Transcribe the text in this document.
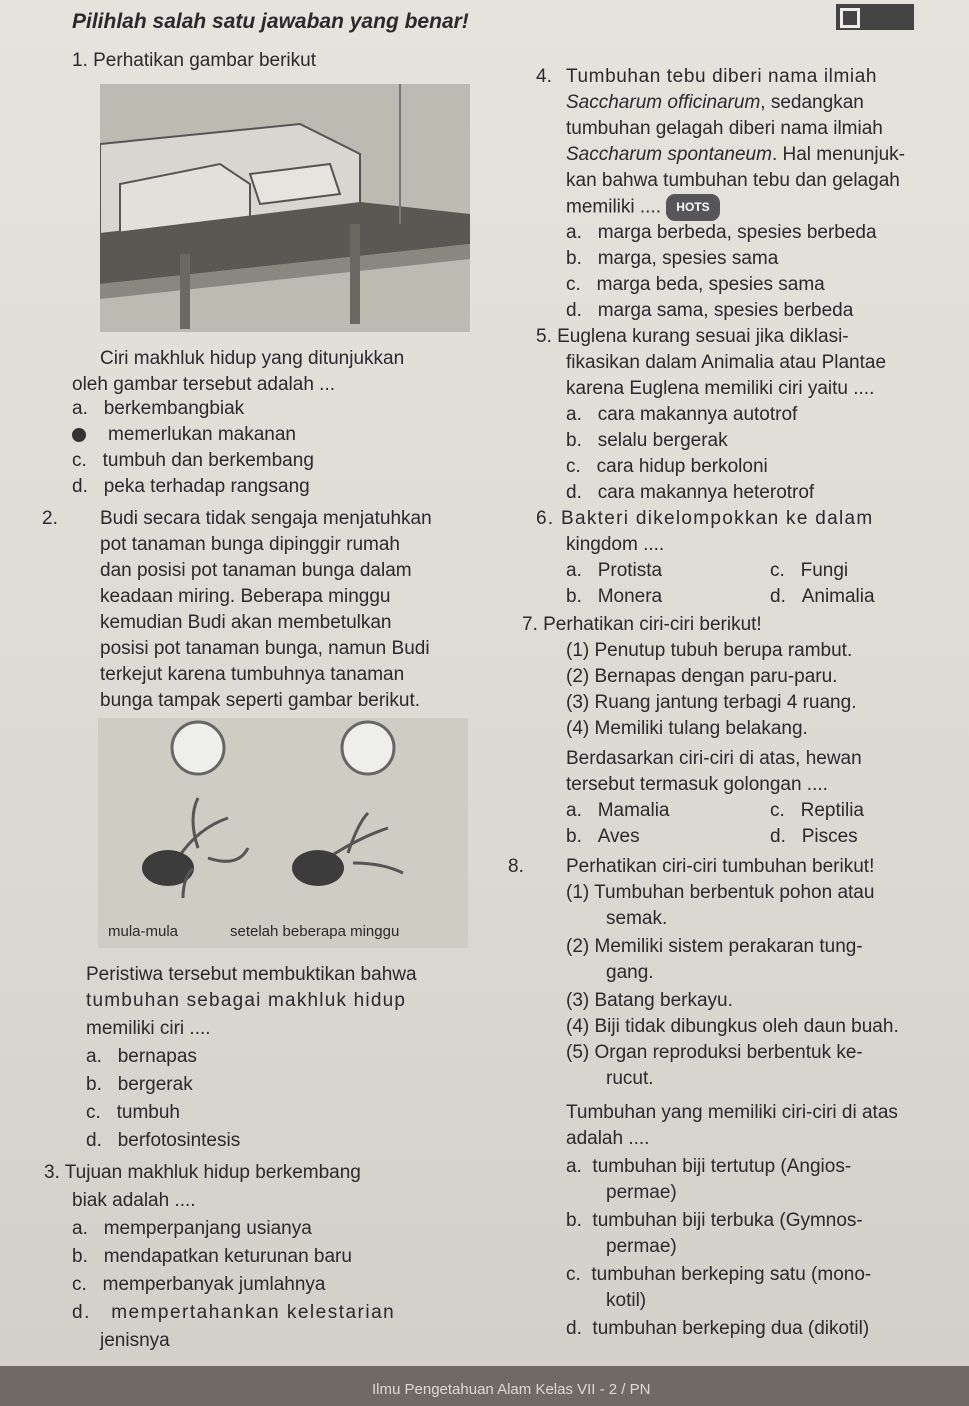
Pilihlah salah satu jawaban yang benar!
1. Perhatikan gambar berikut
Ciri makhluk hidup yang ditunjukkan
oleh gambar tersebut adalah ...
a. berkembangbiak
memerlukan makanan
c. tumbuh dan berkembang
d. peka terhadap rangsang
2. Budi secara tidak sengaja menjatuhkan
pot tanaman bunga dipinggir rumah
dan posisi pot tanaman bunga dalam
keadaan miring. Beberapa minggu
kemudian Budi akan membetulkan
posisi pot tanaman bunga, namun Budi
terkejut karena tumbuhnya tanaman
bunga tampak seperti gambar berikut.
mula-mula	setelah beberapa minggu
Peristiwa tersebut membuktikan bahwa
tumbuhan sebagai makhluk hidup
memiliki ciri ....
a. bernapas
b. bergerak
c. tumbuh
d. berfotosintesis
3. Tujuan makhluk hidup berkembang
biak adalah ....
a. memperpanjang usianya
b. mendapatkan keturunan baru
c. memperbanyak jumlahnya
d. mempertahankan kelestarian
jenisnya
4. Tumbuhan tebu diberi nama ilmiah
Saccharum officinarum, sedangkan
tumbuhan gelagah diberi nama ilmiah
Saccharum spontaneum. Hal menunjuk-
kan bahwa tumbuhan tebu dan gelagah
memiliki .... HOTS
a. marga berbeda, spesies berbeda
b. marga, spesies sama
c. marga beda, spesies sama
d. marga sama, spesies berbeda
5. Euglena kurang sesuai jika diklasi-
fikasikan dalam Animalia atau Plantae
karena Euglena memiliki ciri yaitu ....
a. cara makannya autotrof
b. selalu bergerak
c. cara hidup berkoloni
d. cara makannya heterotrof
6. Bakteri dikelompokkan ke dalam
kingdom ....
a. Protista	c. Fungi
b. Monera	d. Animalia
7. Perhatikan ciri-ciri berikut!
(1) Penutup tubuh berupa rambut.
(2) Bernapas dengan paru-paru.
(3) Ruang jantung terbagi 4 ruang.
(4) Memiliki tulang belakang.
Berdasarkan ciri-ciri di atas, hewan
tersebut termasuk golongan ....
a. Mamalia	c. Reptilia
b. Aves	d. Pisces
8. Perhatikan ciri-ciri tumbuhan berikut!
(1) Tumbuhan berbentuk pohon atau
semak.
(2) Memiliki sistem perakaran tung-
gang.
(3) Batang berkayu.
(4) Biji tidak dibungkus oleh daun buah.
(5) Organ reproduksi berbentuk ke-
rucut.
Tumbuhan yang memiliki ciri-ciri di atas
adalah ....
a. tumbuhan biji tertutup (Angios-
permae)
b. tumbuhan biji terbuka (Gymnos-
permae)
c. tumbuhan berkeping satu (mono-
kotil)
d. tumbuhan berkeping dua (dikotil)
Ilmu Pengetahuan Alam Kelas VII - 2 / PN
